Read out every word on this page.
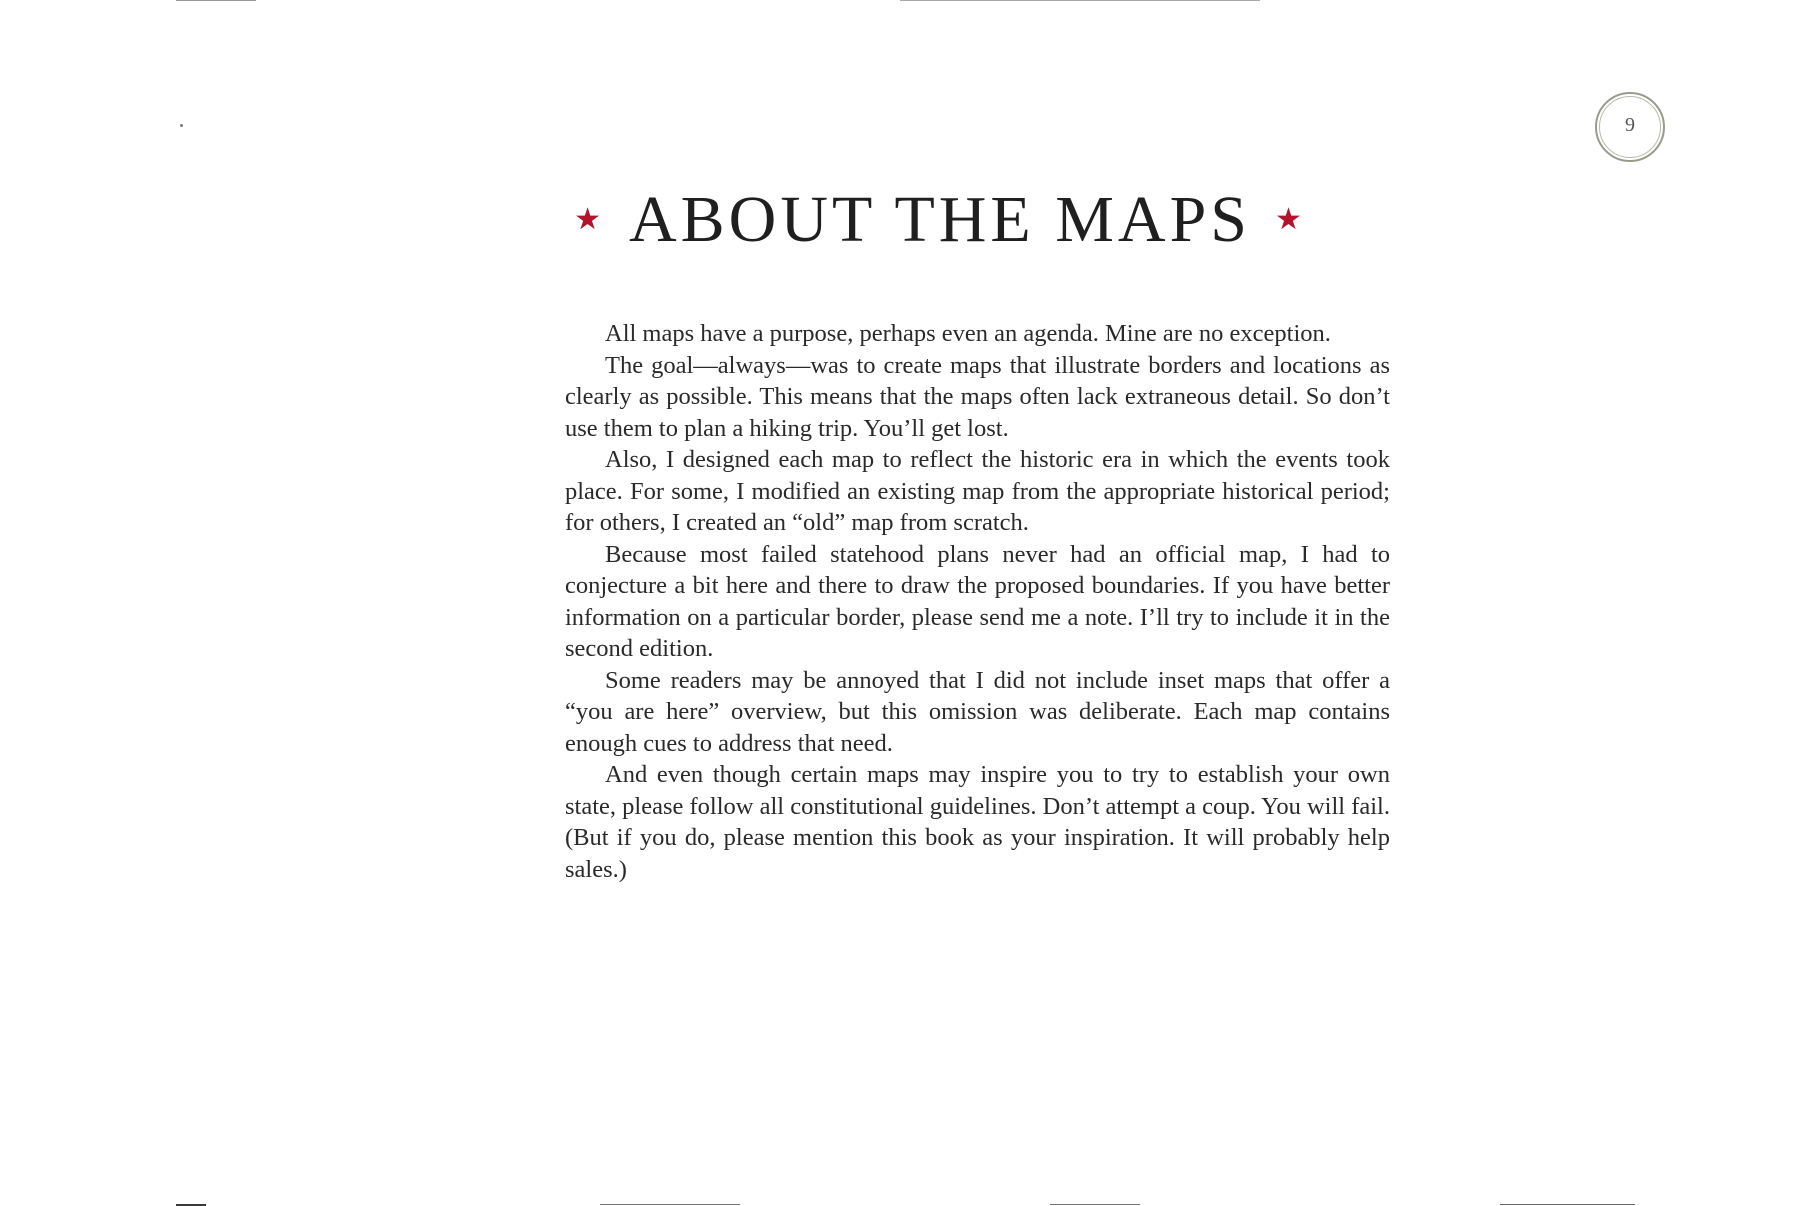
9
★ ABOUT THE MAPS ★

All maps have a purpose, perhaps even an agenda. Mine are no exception.

The goal—always—was to create maps that illustrate borders and locations as clearly as possible. This means that the maps often lack extraneous detail. So don’t use them to plan a hiking trip. You’ll get lost.

Also, I designed each map to reflect the historic era in which the events took place. For some, I modified an existing map from the appropriate historical period; for others, I created an “old” map from scratch.

Because most failed statehood plans never had an official map, I had to conjecture a bit here and there to draw the proposed boundaries. If you have better information on a particular border, please send me a note. I’ll try to include it in the second edition.

Some readers may be annoyed that I did not include inset maps that offer a “you are here” overview, but this omission was deliberate. Each map contains enough cues to address that need.

And even though certain maps may inspire you to try to establish your own state, please follow all constitutional guidelines. Don’t attempt a coup. You will fail. (But if you do, please mention this book as your inspiration. It will probably help sales.)
